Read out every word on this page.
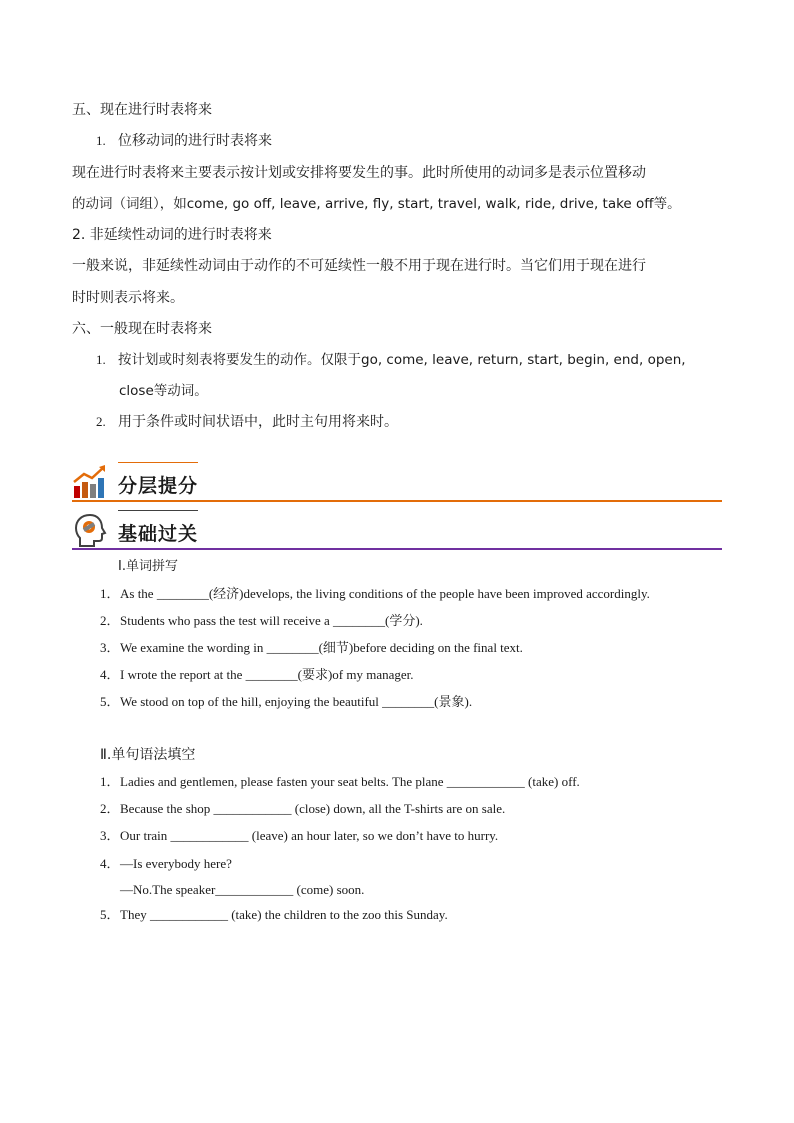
五、现在进行时表将来
1. 位移动词的进行时表将来
现在进行时表将来主要表示按计划或安排将要发生的事。此时所使用的动词多是表示位置移动
的动词（词组），如come, go off, leave, arrive, fly, start, travel, walk, ride, drive, take off等。
2. 非延续性动词的进行时表将来
一般来说，非延续性动词由于动作的不可延续性一般不用于现在进行时。当它们用于现在进行
时时则表示将来。
六、一般现在时表将来
1. 按计划或时刻表将要发生的动作。仅限于go, come, leave, return, start, begin, end, open,
close等动词。
2. 用于条件或时间状语中，此时主句用将来时。
分层提分
基础过关
Ⅰ.单词拼写
1．As the ________(经济)develops, the living conditions of the people have been improved accordingly.
2．Students who pass the test will receive a ________(学分).
3．We examine the wording in ________(细节)before deciding on the final text.
4．I wrote the report at the ________(要求)of my manager.
5．We stood on top of the hill, enjoying the beautiful ________(景象).
Ⅱ.单句语法填空
1．Ladies and gentlemen, please fasten your seat belts. The plane ____________ (take) off.
2．Because the shop ____________ (close) down, all the T-shirts are on sale.
3．Our train ____________ (leave) an hour later, so we don’t have to hurry.
4．—Is everybody here?
—No.The speaker____________ (come) soon.
5．They ____________ (take) the children to the zoo this Sunday.
